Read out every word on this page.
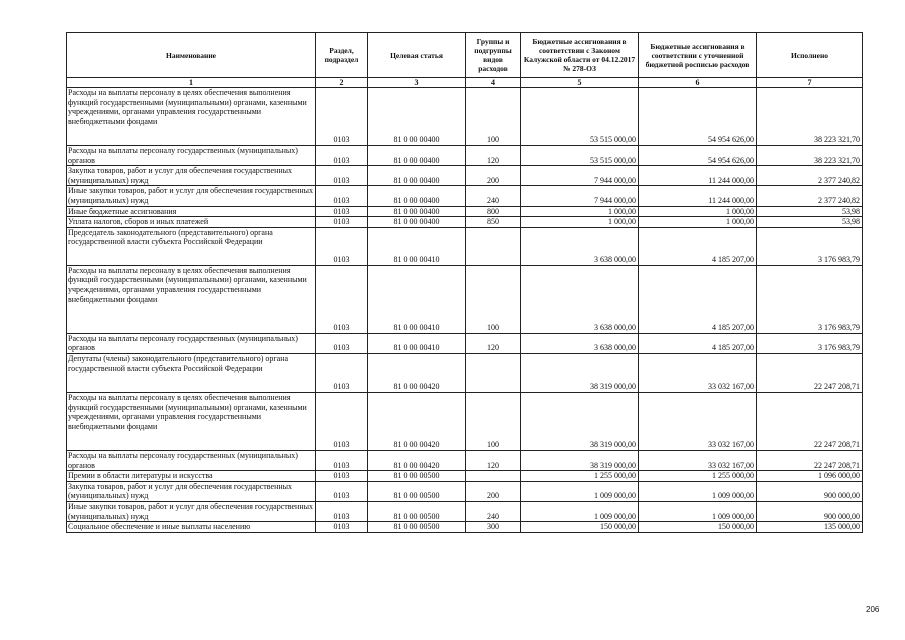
Наименование	Раздел, подраздел	Целевая статья	Группы и подгруппы видов расходов	Бюджетные ассигнования в соответствии с Законом Калужской области от 04.12.2017 № 278-ОЗ	Бюджетные ассигнования в соответствии с уточненной бюджетной росписью расходов	Исполнено
1	2	3	4	5	6	7
Расходы на выплаты персоналу в целях обеспечения выполнения функций государственными (муниципальными) органами, казенными учреждениями, органами управления государственными внебюджетными фондами	0103	81 0 00 00400	100	53 515 000,00	54 954 626,00	38 223 321,70
Расходы на выплаты персоналу государственных (муниципальных) органов	0103	81 0 00 00400	120	53 515 000,00	54 954 626,00	38 223 321,70
Закупка товаров, работ и услуг для обеспечения государственных (муниципальных) нужд	0103	81 0 00 00400	200	7 944 000,00	11 244 000,00	2 377 240,82
Иные закупки товаров, работ и услуг для обеспечения государственных (муниципальных) нужд	0103	81 0 00 00400	240	7 944 000,00	11 244 000,00	2 377 240,82
Иные бюджетные ассигнования	0103	81 0 00 00400	800	1 000,00	1 000,00	53,98
Уплата налогов, сборов и иных платежей	0103	81 0 00 00400	850	1 000,00	1 000,00	53,98
Председатель законодательного (представительного) органа государственной власти субъекта Российской Федерации	0103	81 0 00 00410		3 638 000,00	4 185 207,00	3 176 983,79
Расходы на выплаты персоналу в целях обеспечения выполнения функций государственными (муниципальными) органами, казенными учреждениями, органами управления государственными внебюджетными фондами	0103	81 0 00 00410	100	3 638 000,00	4 185 207,00	3 176 983,79
Расходы на выплаты персоналу государственных (муниципальных) органов	0103	81 0 00 00410	120	3 638 000,00	4 185 207,00	3 176 983,79
Депутаты (члены) законодательного (представительного) органа государственной власти субъекта Российской Федерации	0103	81 0 00 00420		38 319 000,00	33 032 167,00	22 247 208,71
Расходы на выплаты персоналу в целях обеспечения выполнения функций государственными (муниципальными) органами, казенными учреждениями, органами управления государственными внебюджетными фондами	0103	81 0 00 00420	100	38 319 000,00	33 032 167,00	22 247 208,71
Расходы на выплаты персоналу государственных (муниципальных) органов	0103	81 0 00 00420	120	38 319 000,00	33 032 167,00	22 247 208,71
Премии в области литературы и искусства	0103	81 0 00 00500		1 255 000,00	1 255 000,00	1 096 000,00
Закупка товаров, работ и услуг для обеспечения государственных (муниципальных) нужд	0103	81 0 00 00500	200	1 009 000,00	1 009 000,00	900 000,00
Иные закупки товаров, работ и услуг для обеспечения государственных (муниципальных) нужд	0103	81 0 00 00500	240	1 009 000,00	1 009 000,00	900 000,00
Социальное обеспечение и иные выплаты населению	0103	81 0 00 00500	300	150 000,00	150 000,00	135 000,00
206
